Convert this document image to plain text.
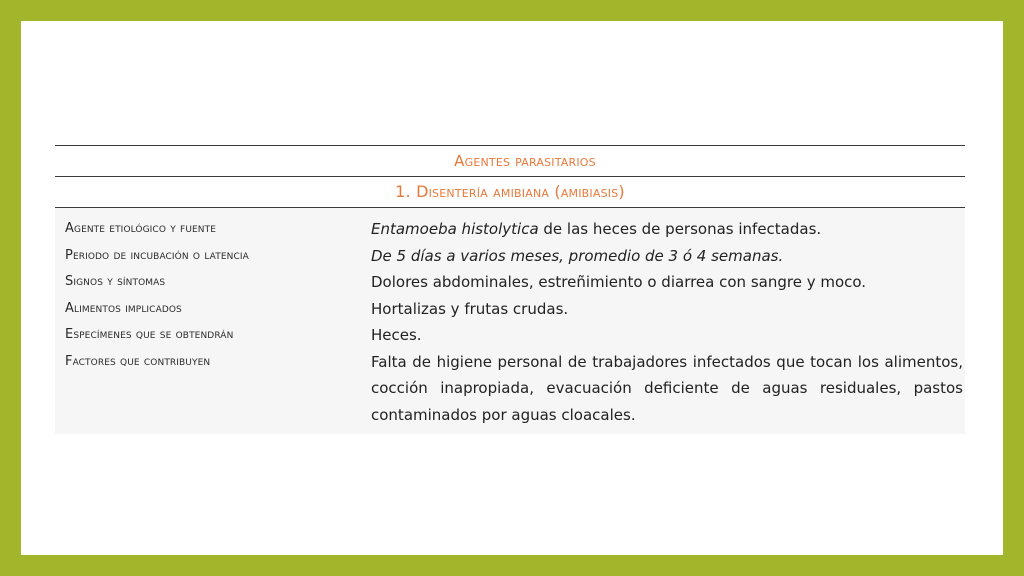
Agentes parasitarios
1. Disentería amibiana (amibiasis)
Agente etiológico y fuente	Entamoeba histolytica de las heces de personas infectadas.
Periodo de incubación o latencia	De 5 días a varios meses, promedio de 3 ó 4 semanas.
Signos y síntomas	Dolores abdominales, estreñimiento o diarrea con sangre y moco.
Alimentos implicados	Hortalizas y frutas crudas.
Especímenes que se obtendrán	Heces.
Factores que contribuyen	Falta de higiene personal de trabajadores infectados que tocan los alimentos, cocción inapropiada, evacuación deficiente de aguas residuales, pastos contaminados por aguas cloacales.
